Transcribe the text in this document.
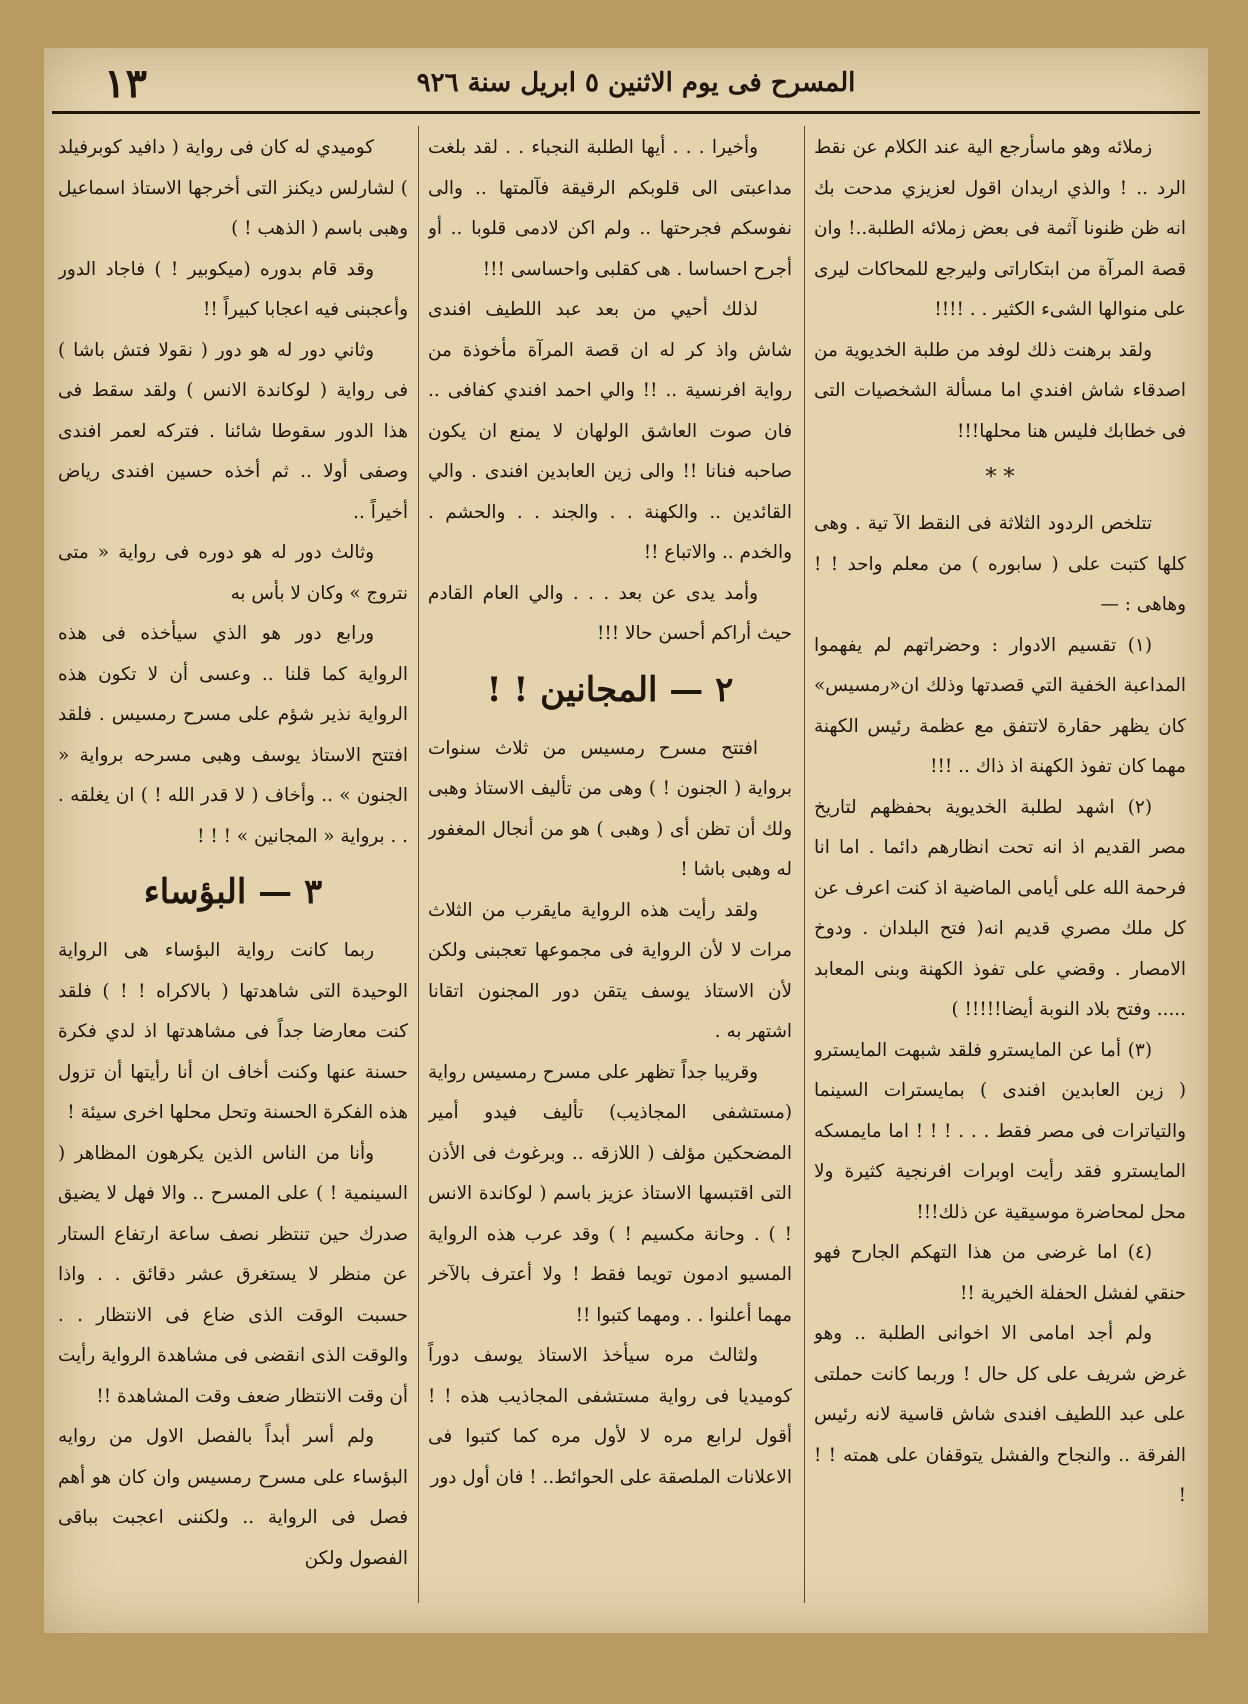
المسرح فى يوم الاثنين ٥ ابريل سنة ٩٢٦
١٣

زملائه وهو ماسأرجع الية عند الكلام عن نقط الرد .. ! والذي اريدان اقول لعزيزي مدحت بك انه ظن ظنونا آثمة فى بعض زملائه الطلبة..! وان قصة المرآة من ابتكاراتى وليرجع للمحاكات ليرى على منوالها الشىء الكثير . . !!!!

ولقد برهنت ذلك لوفد من طلبة الخديوية من اصدقاء شاش افندي اما مسألة الشخصيات التى فى خطابك فليس هنا محلها!!!

* *

تتلخص الردود الثلاثة فى النقط الآ تية . وهى كلها كتبت على ( سابوره ) من معلم واحد ! ! وهاهى : —

(١) تقسيم الادوار : وحضراتهم لم يفهموا المداعبة الخفية التي قصدتها وذلك ان«رمسيس» كان يظهر حقارة لاتتفق مع عظمة رئيس الكهنة مهما كان تفوذ الكهنة اذ ذاك .. !!!

(٢) اشهد لطلبة الخديوية بحفظهم لتاريخ مصر القديم اذ انه تحت انظارهم دائما . اما انا فرحمة الله على أيامى الماضية اذ كنت اعرف عن كل ملك مصري قديم انه( فتح البلدان . ودوخ الامصار . وقضي على تفوذ الكهنة وبنى المعابد ..... وفتح بلاد النوبة أيضا!!!!! )

(٣) أما عن المايسترو فلقد شبهت المايسترو ( زين العابدين افندى ) بمايسترات السينما والتياترات فى مصر فقط . . . ! ! ! اما مايمسكه المايسترو فقد رأيت اوبرات افرنجية كثيرة ولا محل لمحاضرة موسيقية عن ذلك!!!

(٤) اما غرضى من هذا التهكم الجارح فهو حنقي لفشل الحفلة الخيرية !!

ولم أجد امامى الا اخوانى الطلبة .. وهو غرض شريف على كل حال ! وربما كانت حملتى على عبد اللطيف افندى شاش قاسية لانه رئيس الفرقة .. والنجاح والفشل يتوقفان على همته ! ! !

وأخيرا . . . أيها الطلبة النجباء . . لقد بلغت مداعبتى الى قلوبكم الرقيقة فآلمتها .. والى نفوسكم فجرحتها .. ولم اكن لادمى قلوبا .. أو أجرح احساسا . هى كقلبى واحساسى !!!

لذلك أحيي من بعد عبد اللطيف افندى شاش واذ كر له ان قصة المرآة مأخوذة من رواية افرنسية .. !! والي احمد افندي كفافى .. فان صوت العاشق الولهان لا يمنع ان يكون صاحبه فنانا !! والى زين العابدين افندى . والي القائدين .. والكهنة . . والجند . . والحشم . والخدم .. والاتباع !!

وأمد يدى عن بعد . . . والي العام القادم حيث أراكم أحسن حالا !!!

٢ — المجانين ! !

افتتح مسرح رمسيس من ثلاث سنوات برواية ( الجنون ! ) وهى من تأليف الاستاذ وهبى ولك أن تظن أى ( وهبى ) هو من أنجال المغفور له وهبى باشا !

ولقد رأيت هذه الرواية مايقرب من الثلاث مرات لا لأن الرواية فى مجموعها تعجبنى ولكن لأن الاستاذ يوسف يتقن دور المجنون اتقانا اشتهر به .

وقريبا جداً تظهر على مسرح رمسيس رواية (مستشفى المجاذيب) تأليف فيدو أمير المضحكين مؤلف ( اللازقه .. وبرغوث فى الأذن التى اقتبسها الاستاذ عزيز باسم ( لوكاندة الانس ! ) . وحانة مكسيم ! ) وقد عرب هذه الرواية المسيو ادمون تويما فقط ! ولا أعترف بالآخر مهما أعلنوا . . ومهما كتبوا !!

ولثالث مره سيأخذ الاستاذ يوسف دوراً كوميديا فى رواية مستشفى المجاذيب هذه ! ! أقول لرابع مره لا لأول مره كما كتبوا فى الاعلانات الملصقة على الحوائط.. ! فان أول دور

كوميدي له كان فى رواية ( دافيد كوبرفيلد ) لشارلس ديكنز التى أخرجها الاستاذ اسماعيل وهبى باسم ( الذهب ! )

وقد قام بدوره (ميكوبير ! ) فاجاد الدور وأعجبنى فيه اعجابا كبيراً !!

وثاني دور له هو دور ( نقولا فتش باشا ) فى رواية ( لوكاندة الانس ) ولقد سقط فى هذا الدور سقوطا شائنا . فتركه لعمر افندى وصفى أولا .. ثم أخذه حسين افندى رياض أخيراً ..

وثالث دور له هو دوره فى رواية « متى نتروج » وكان لا بأس به

ورابع دور هو الذي سيأخذه فى هذه الرواية كما قلنا .. وعسى أن لا تكون هذه الرواية نذير شؤم على مسرح رمسيس . فلقد افتتح الاستاذ يوسف وهبى مسرحه برواية « الجنون » .. وأخاف ( لا قدر الله ! ) ان يغلقه . . . برواية « المجانين » ! ! !

٣ — البؤساء

ربما كانت رواية البؤساء هى الرواية الوحيدة التى شاهدتها ( بالاكراه ! ! ) فلقد كنت معارضا جداً فى مشاهدتها اذ لدي فكرة حسنة عنها وكنت أخاف ان أنا رأيتها أن تزول هذه الفكرة الحسنة وتحل محلها اخرى سيئة !

وأنا من الناس الذين يكرهون المظاهر ( السينمية ! ) على المسرح .. والا فهل لا يضيق صدرك حين تنتظر نصف ساعة ارتفاع الستار عن منظر لا يستغرق عشر دقائق . . واذا حسبت الوقت الذى ضاع فى الانتظار . . والوقت الذى انقضى فى مشاهدة الرواية رأيت أن وقت الانتظار ضعف وقت المشاهدة !!

ولم أسر أبداً بالفصل الاول من روايه البؤساء على مسرح رمسيس وان كان هو أهم فصل فى الرواية .. ولكننى اعجبت بباقى الفصول ولكن
